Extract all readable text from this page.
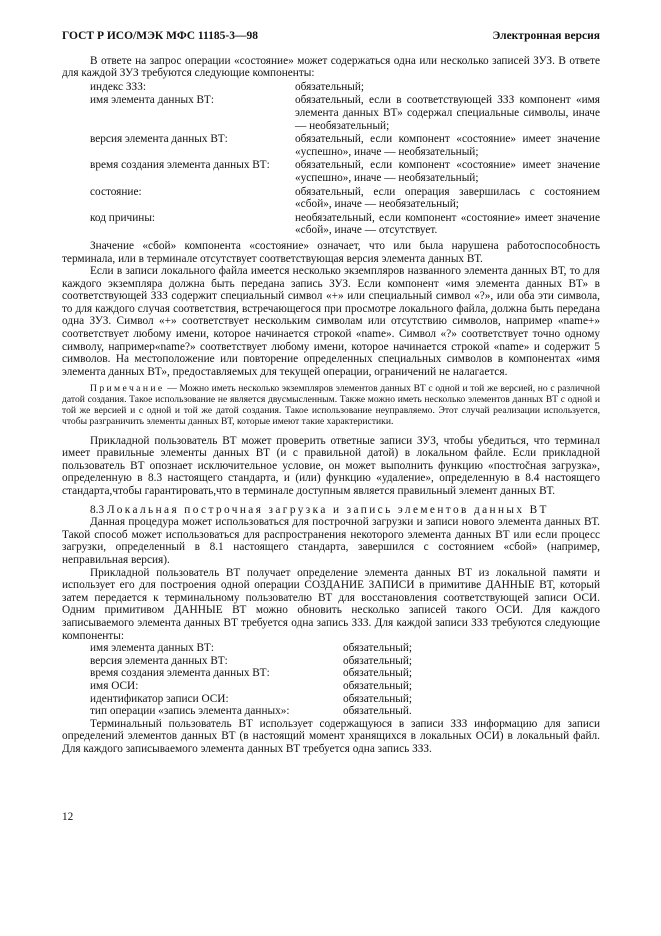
ГОСТ Р ИСО/МЭК МФС 11185-3—98	Электронная версия

В ответе на запрос операции «состояние» может содержаться одна или несколько записей ЗУЗ. В ответе для каждой ЗУЗ требуются следующие компоненты:

индекс ЗЗЗ:	обязательный;
имя элемента данных ВТ:	обязательный, если в соответствующей ЗЗЗ компонент «имя элемента данных ВТ» содержал специальные символы, иначе — необязательный;
версия элемента данных ВТ:	обязательный, если компонент «состояние» имеет значение «успешно», иначе — необязательный;
время создания элемента данных ВТ:	обязательный, если компонент «состояние» имеет значение «успешно», иначе — необязательный;
состояние:	обязательный, если операция завершилась с состоянием «сбой», иначе — необязательный;
код причины:	необязательный, если компонент «состояние» имеет значение «сбой», иначе — отсутствует.

Значение «сбой» компонента «состояние» означает, что или была нарушена работоспособность терминала, или в терминале отсутствует соответствующая версия элемента данных ВТ.

Если в записи локального файла имеется несколько экземпляров названного элемента данных ВТ, то для каждого экземпляра должна быть передана запись ЗУЗ. Если компонент «имя элемента данных ВТ» в соответствующей ЗЗЗ содержит специальный символ «+» или специальный символ «?», или оба эти символа, то для каждого случая соответствия, встречающегося при просмотре локального файла, должна быть передана одна ЗУЗ. Символ «+» соответствует нескольким символам или отсутствию символов, например «name+» соответствует любому имени, которое начинается строкой «name». Символ «?» соответствует точно одному символу, например«name?» соответствует любому имени, которое начинается строкой «name» и содержит 5 символов. На местоположение или повторение определенных специальных символов в компонентах «имя элемента данных ВТ», предоставляемых для текущей операции, ограничений не налагается.

Примечание — Можно иметь несколько экземпляров элементов данных ВТ с одной и той же версией, но с различной датой создания. Такое использование не является двусмысленным. Также можно иметь несколько элементов данных ВТ с одной и той же версией и с одной и той же датой создания. Такое использование неуправляемо. Этот случай реализации используется, чтобы разграничить элементы данных ВТ, которые имеют такие характеристики.

Прикладной пользователь ВТ может проверить ответные записи ЗУЗ, чтобы убедиться, что терминал имеет правильные элементы данных ВТ (и с правильной датой) в локальном файле. Если прикладной пользователь ВТ опознает исключительное условие, он может выполнить функцию «постročная загрузка», определенную в 8.3 настоящего стандарта, и (или) функцию «удаление», определенную в 8.4 настоящего стандарта,чтобы гарантировать,что в терминале доступным является правильный элемент данных ВТ.

8.3 Локальная построчная загрузка и запись элементов данных ВТ

Данная процедура может использоваться для построчной загрузки и записи нового элемента данных ВТ. Такой способ может использоваться для распространения некоторого элемента данных ВТ или если процесс загрузки, определенный в 8.1 настоящего стандарта, завершился с состоянием «сбой» (например, неправильная версия).

Прикладной пользователь ВТ получает определение элемента данных ВТ из локальной памяти и использует его для построения одной операции СОЗДАНИЕ ЗАПИСИ в примитиве ДАННЫЕ ВТ, который затем передается к терминальному пользователю ВТ для восстановления соответствующей записи ОСИ. Одним примитивом ДАННЫЕ ВТ можно обновить несколько записей такого ОСИ. Для каждого записываемого элемента данных ВТ требуется одна запись ЗЗЗ. Для каждой записи ЗЗЗ требуются следующие компоненты:

имя элемента данных ВТ:	обязательный;
версия элемента данных ВТ:	обязательный;
время создания элемента данных ВТ:	обязательный;
имя ОСИ:	обязательный;
идентификатор записи ОСИ:	обязательный;
тип операции «запись элемента данных»:	обязательный.

Терминальный пользователь ВТ использует содержащуюся в записи ЗЗЗ информацию для записи определений элементов данных ВТ (в настоящий момент хранящихся в локальных ОСИ) в локальный файл. Для каждого записываемого элемента данных ВТ требуется одна запись ЗЗЗ.

12
